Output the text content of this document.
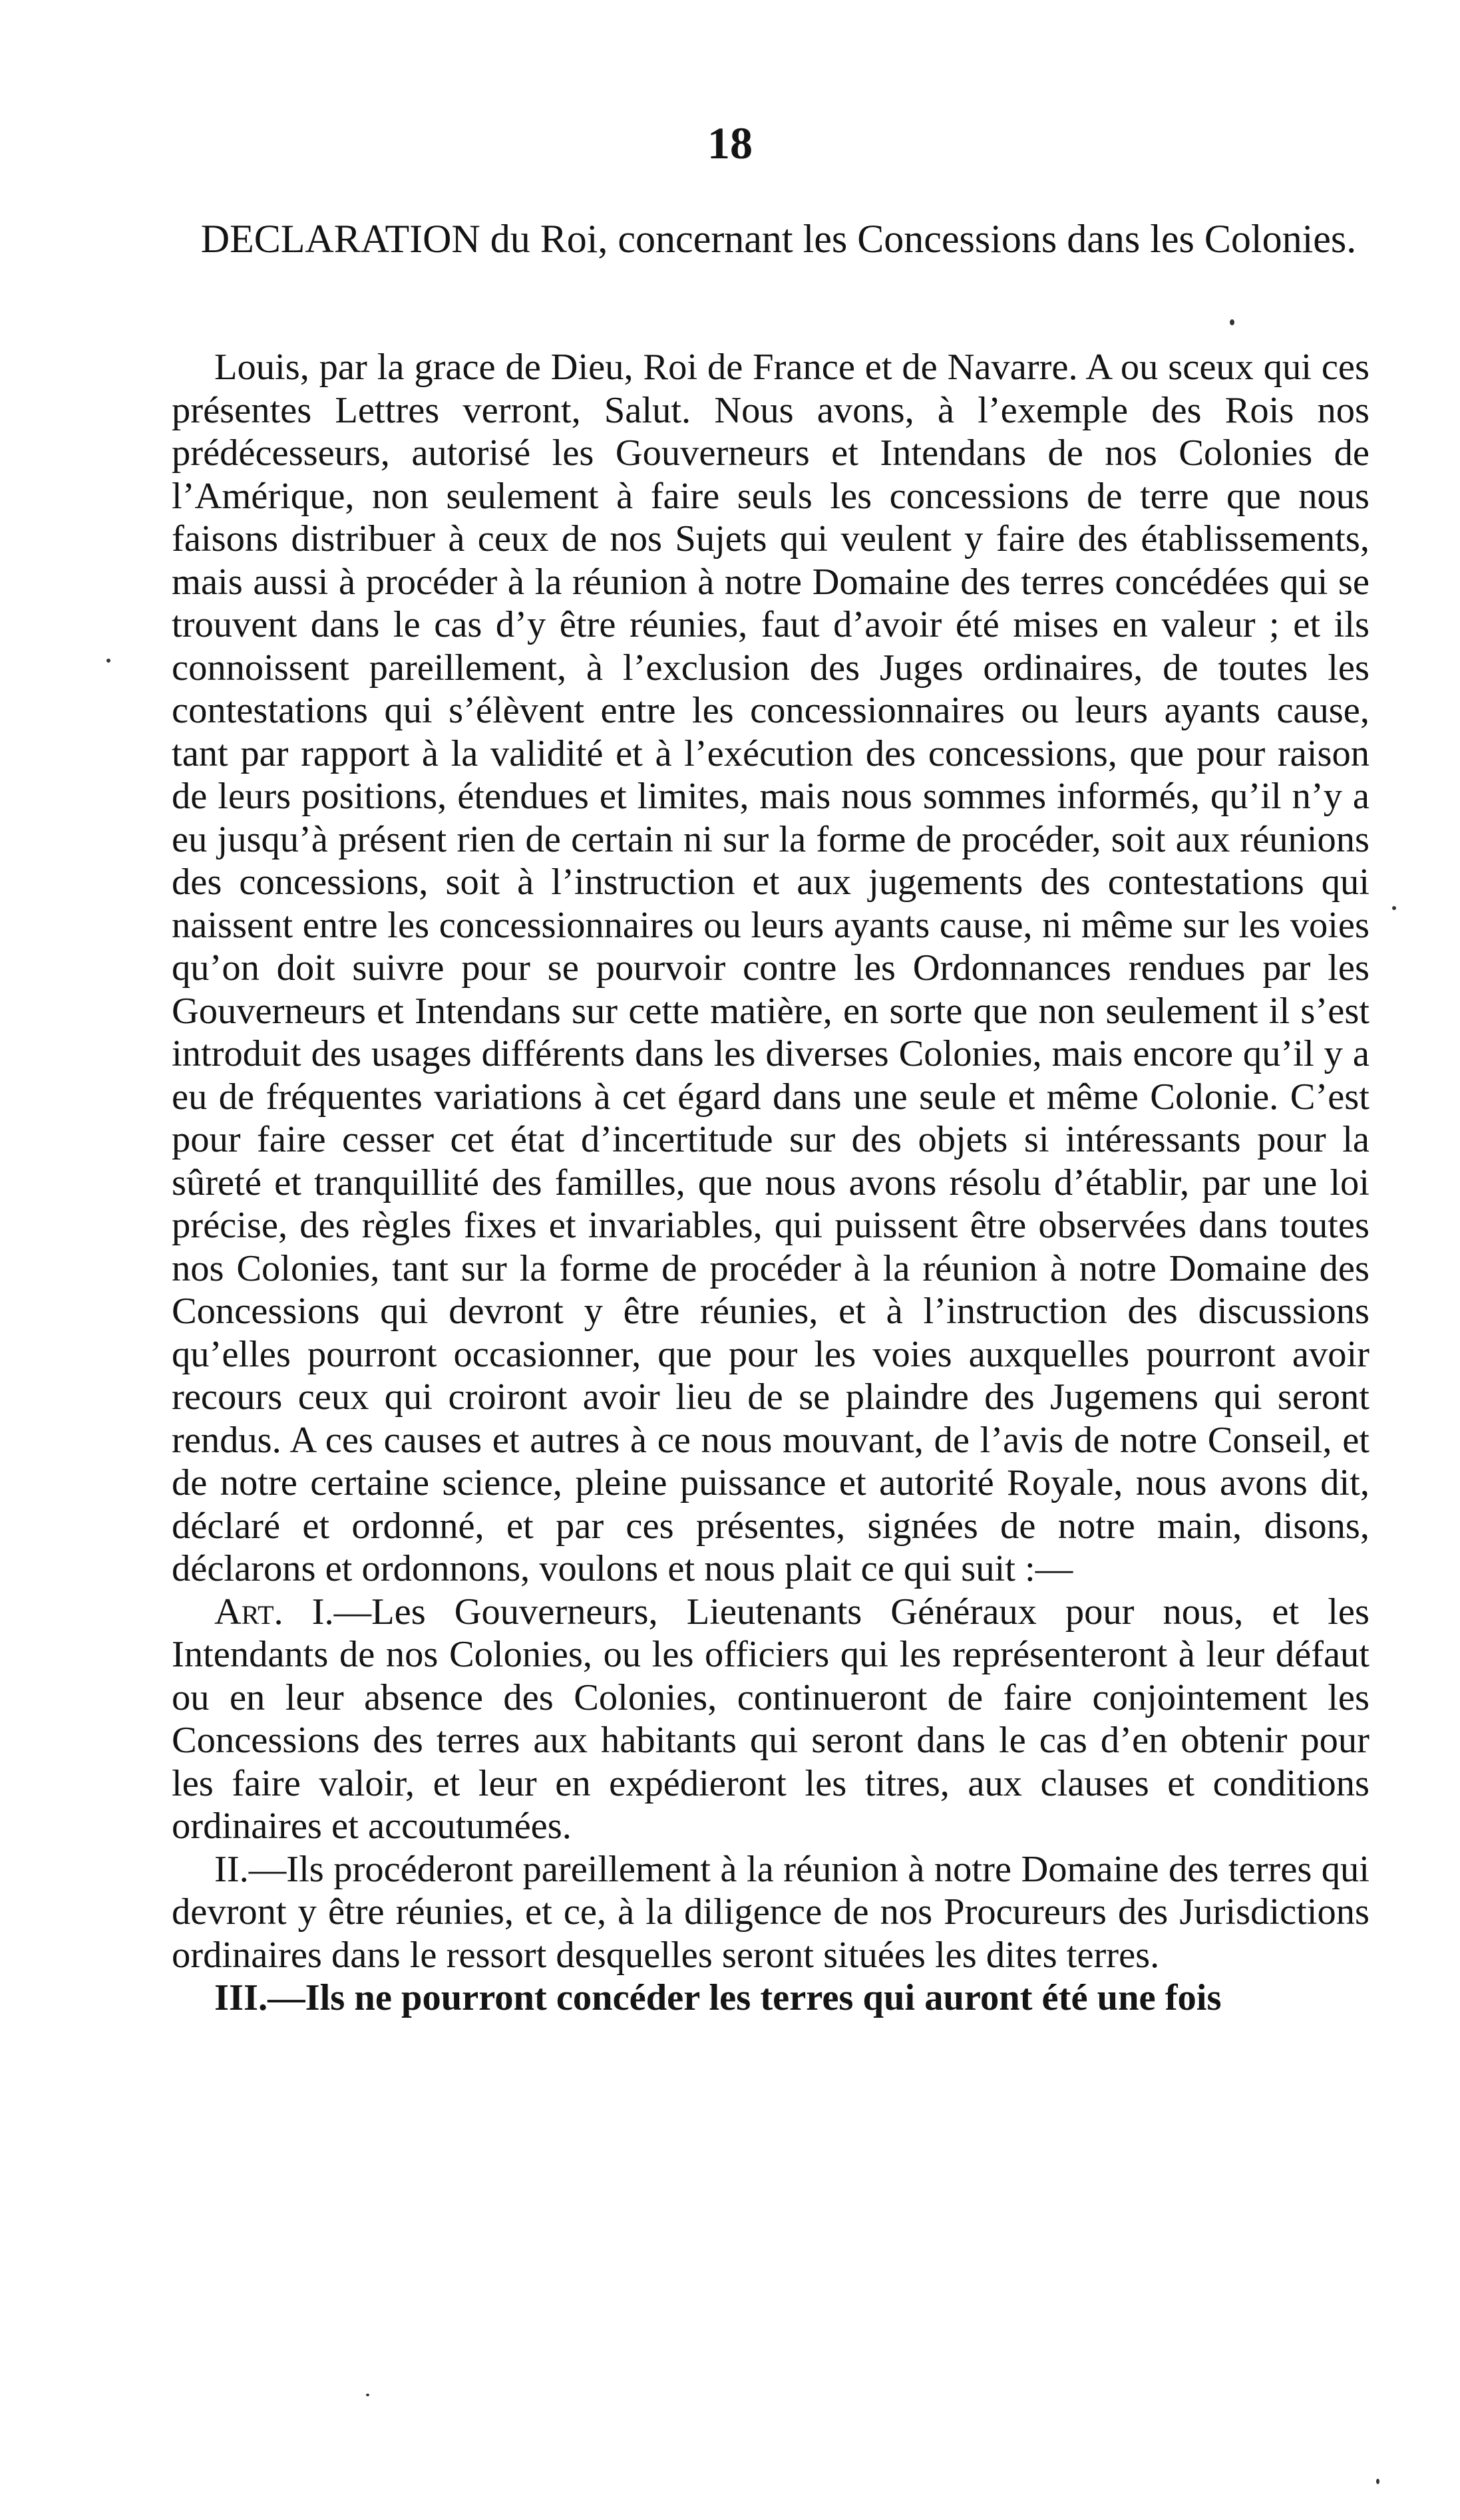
18
DECLARATION du Roi, concernant les Concessions dans les Colonies.

Louis, par la grace de Dieu, Roi de France et de Navarre. A ou sceux qui ces présentes Lettres verront, Salut. Nous avons, à l’exemple des Rois nos prédécesseurs, autorisé les Gouverneurs et Intendans de nos Colonies de l’Amérique, non seulement à faire seuls les concessions de terre que nous faisons distribuer à ceux de nos Sujets qui veulent y faire des établissements, mais aussi à procéder à la réunion à notre Domaine des terres concédées qui se trouvent dans le cas d’y être réunies, faut d’avoir été mises en valeur ; et ils connoissent pareillement, à l’exclusion des Juges ordinaires, de toutes les contestations qui s’élèvent entre les concessionnaires ou leurs ayants cause, tant par rapport à la validité et à l’exécution des concessions, que pour raison de leurs positions, étendues et limites, mais nous sommes informés, qu’il n’y a eu jusqu’à présent rien de certain ni sur la forme de procéder, soit aux réunions des concessions, soit à l’instruction et aux jugements des contestations qui naissent entre les concessionnaires ou leurs ayants cause, ni même sur les voies qu’on doit suivre pour se pourvoir contre les Ordonnances rendues par les Gouverneurs et Intendans sur cette matière, en sorte que non seulement il s’est introduit des usages différents dans les diverses Colonies, mais encore qu’il y a eu de fréquentes variations à cet égard dans une seule et même Colonie. C’est pour faire cesser cet état d’incertitude sur des objets si intéressants pour la sûreté et tranquillité des familles, que nous avons résolu d’établir, par une loi précise, des règles fixes et invariables, qui puissent être observées dans toutes nos Colonies, tant sur la forme de procéder à la réunion à notre Domaine des Concessions qui devront y être réunies, et à l’instruction des discussions qu’elles pourront occasionner, que pour les voies auxquelles pourront avoir recours ceux qui croiront avoir lieu de se plaindre des Jugemens qui seront rendus. A ces causes et autres à ce nous mouvant, de l’avis de notre Conseil, et de notre certaine science, pleine puissance et autorité Royale, nous avons dit, déclaré et ordonné, et par ces présentes, signées de notre main, disons, déclarons et ordonnons, voulons et nous plait ce qui suit :—

Art. I.—Les Gouverneurs, Lieutenants Généraux pour nous, et les Intendants de nos Colonies, ou les officiers qui les représenteront à leur défaut ou en leur absence des Colonies, continueront de faire conjointement les Concessions des terres aux habitants qui seront dans le cas d’en obtenir pour les faire valoir, et leur en expédieront les titres, aux clauses et conditions ordinaires et accoutumées.

II.—Ils procéderont pareillement à la réunion à notre Domaine des terres qui devront y être réunies, et ce, à la diligence de nos Procureurs des Jurisdictions ordinaires dans le ressort desquelles seront situées les dites terres.

III.—Ils ne pourront concéder les terres qui auront été une fois
